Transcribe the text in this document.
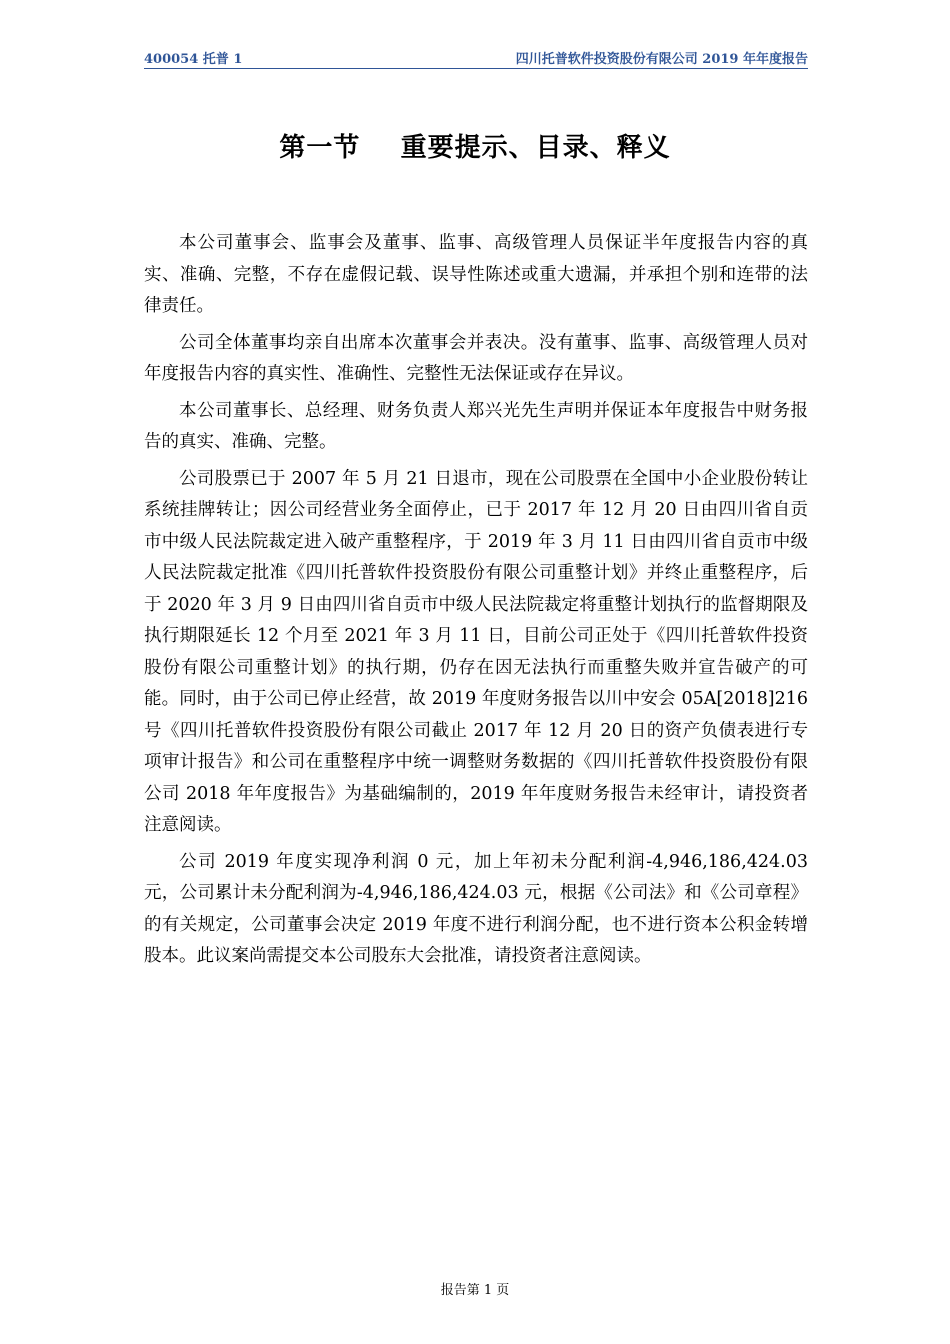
400054 托普 1	四川托普软件投资股份有限公司 2019 年年度报告
第一节    重要提示、目录、释义

本公司董事会、监事会及董事、监事、高级管理人员保证半年度报告内容的真实、准确、完整，不存在虚假记载、误导性陈述或重大遗漏，并承担个别和连带的法律责任。

公司全体董事均亲自出席本次董事会并表决。没有董事、监事、高级管理人员对年度报告内容的真实性、准确性、完整性无法保证或存在异议。

本公司董事长、总经理、财务负责人郑兴光先生声明并保证本年度报告中财务报告的真实、准确、完整。

公司股票已于 2007 年 5 月 21 日退市，现在公司股票在全国中小企业股份转让系统挂牌转让；因公司经营业务全面停止，已于 2017 年 12 月 20 日由四川省自贡市中级人民法院裁定进入破产重整程序，于 2019 年 3 月 11 日由四川省自贡市中级人民法院裁定批准《四川托普软件投资股份有限公司重整计划》并终止重整程序，后于 2020 年 3 月 9 日由四川省自贡市中级人民法院裁定将重整计划执行的监督期限及执行期限延长 12 个月至 2021 年 3 月 11 日，目前公司正处于《四川托普软件投资股份有限公司重整计划》的执行期，仍存在因无法执行而重整失败并宣告破产的可能。同时，由于公司已停止经营，故 2019 年度财务报告以川中安会 05A[2018]216 号《四川托普软件投资股份有限公司截止 2017 年 12 月 20 日的资产负债表进行专项审计报告》和公司在重整程序中统一调整财务数据的《四川托普软件投资股份有限公司 2018 年年度报告》为基础编制的，2019 年年度财务报告未经审计，请投资者注意阅读。

公司 2019 年度实现净利润 0 元，加上年初未分配利润-4,946,186,424.03 元，公司累计未分配利润为-4,946,186,424.03 元，根据《公司法》和《公司章程》的有关规定，公司董事会决定 2019 年度不进行利润分配，也不进行资本公积金转增股本。此议案尚需提交本公司股东大会批准，请投资者注意阅读。

报告第 1 页
